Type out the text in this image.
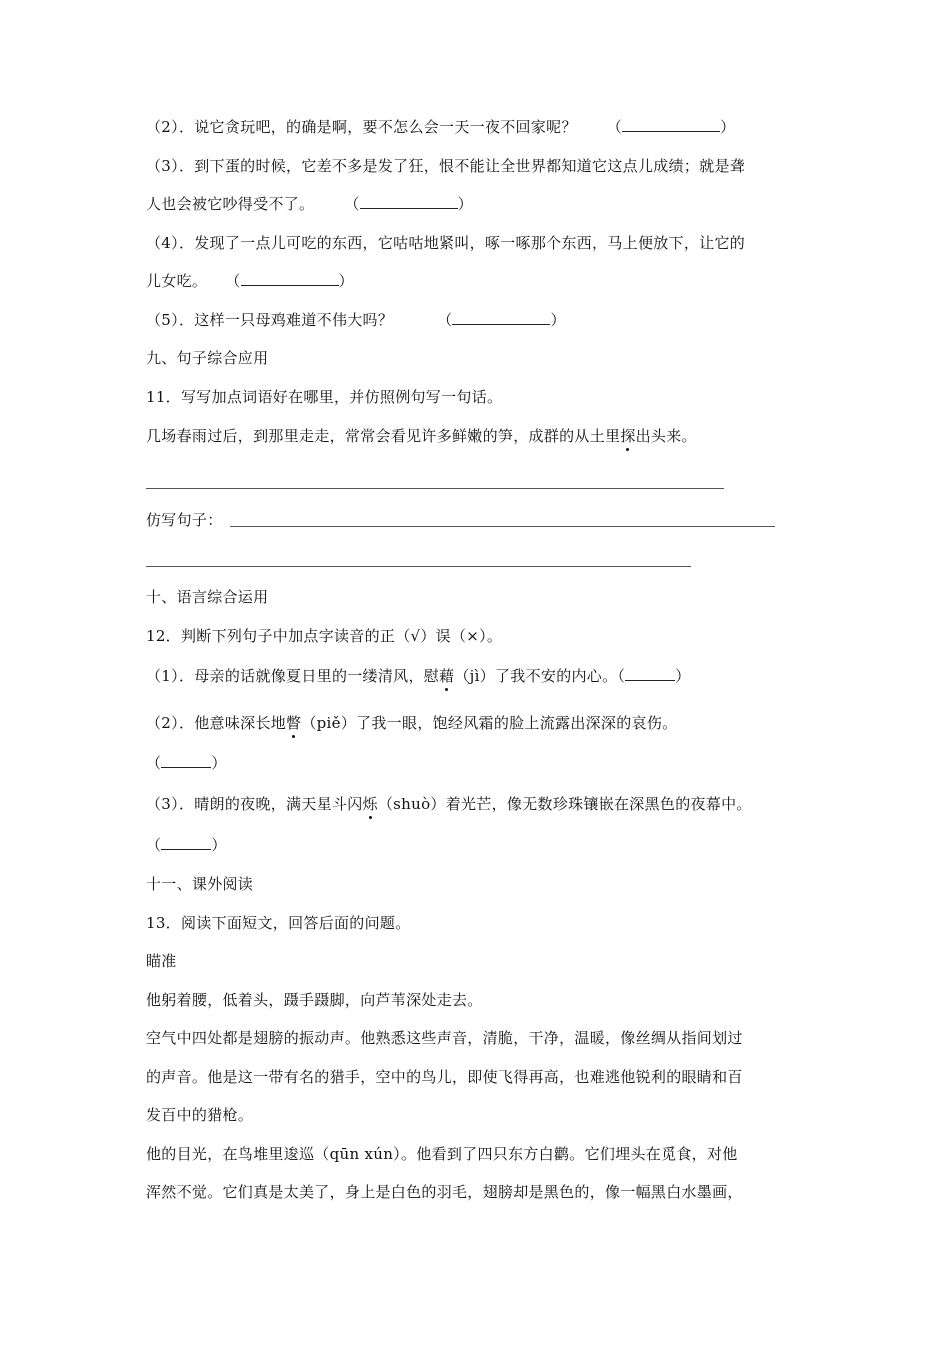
（2）．说它贪玩吧，的确是啊，要不怎么会一天一夜不回家呢？ （	）
（3）．到下蛋的时候，它差不多是发了狂，恨不能让全世界都知道它这点儿成绩；就是聋
人也会被它吵得受不了。 （	）
（4）．发现了一点儿可吃的东西，它咕咕地紧叫，啄一啄那个东西，马上便放下，让它的
儿女吃。 （	）
（5）．这样一只母鸡难道不伟大吗？	（	）
九、句子综合应用
11．写写加点词语好在哪里，并仿照例句写一句话。
几场春雨过后，到那里走走，常常会看见许多鲜嫩的笋，成群的从土里探出头来。
仿写句子：
十、语言综合运用
12．判断下列句子中加点字读音的正（√）误（×）。
（1）．母亲的话就像夏日里的一缕清风，慰藉（jì）了我不安的内心。（	）
（2）．他意味深长地瞥（piě）了我一眼，饱经风霜的脸上流露出深深的哀伤。
（	）
（3）．晴朗的夜晚，满天星斗闪烁（shuò）着光芒，像无数珍珠镶嵌在深黑色的夜幕中。
（	）
十一、课外阅读
13．阅读下面短文，回答后面的问题。
瞄准
他躬着腰，低着头，蹑手蹑脚，向芦苇深处走去。
空气中四处都是翅膀的振动声。他熟悉这些声音，清脆，干净，温暖，像丝绸从指间划过
的声音。他是这一带有名的猎手，空中的鸟儿，即使飞得再高，也难逃他锐利的眼睛和百
发百中的猎枪。
他的目光，在鸟堆里逡巡（qūn xún）。他看到了四只东方白鹳。它们埋头在觅食，对他
浑然不觉。它们真是太美了，身上是白色的羽毛，翅膀却是黑色的，像一幅黑白水墨画，
